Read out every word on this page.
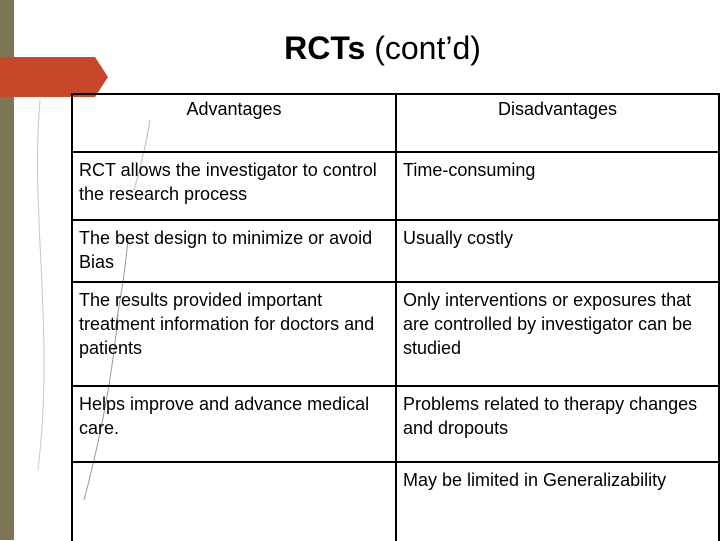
RCTs (cont’d)
Advantages	Disadvantages
RCT allows the investigator to control the research process	Time-consuming
The best design to minimize or avoid Bias	Usually costly
The results provided important treatment information for doctors and patients	Only interventions or exposures that are controlled by investigator can be studied
Helps improve and advance medical care.	Problems related to therapy changes and dropouts
	May be limited in Generalizability
